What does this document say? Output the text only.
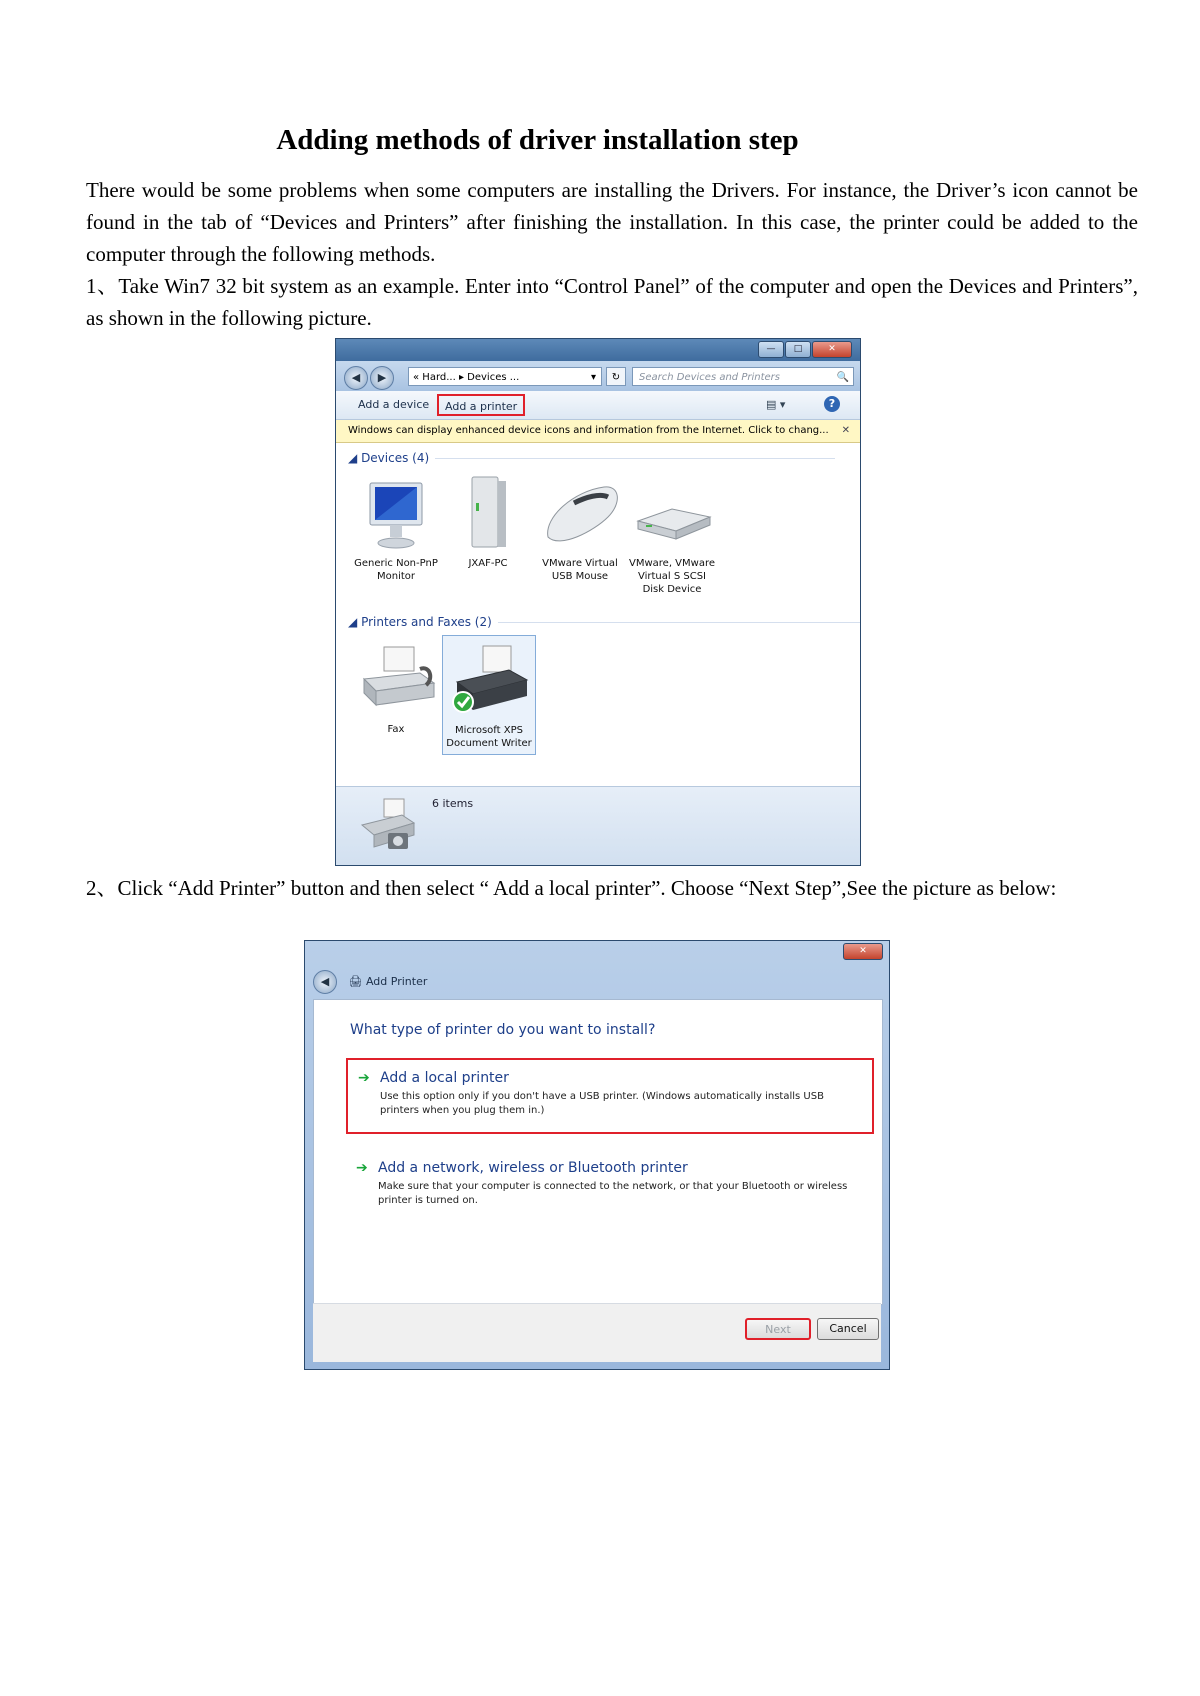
Adding methods of driver installation step
There would be some problems when some computers are installing the Drivers. For instance, the Driver’s icon cannot be found in the tab of “Devices and Printers” after finishing the installation. In this case, the printer could be added to the computer through the following methods.
1、Take Win7 32 bit system as an example. Enter into “Control Panel” of the computer and open the Devices and Printers”, as shown in the following picture.
—	□	✕
◀	▶	« Hard... ▸ Devices ...	▾	↻	Search Devices and Printers	🔍
Add a device	Add a printer	▤ ▾	?
Windows can display enhanced device icons and information from the Internet. Click to chang... ✕
◢ Devices (4)
Generic Non-PnP Monitor
JXAF-PC	VMware Virtual USB Mouse
VMware, VMware Virtual S SCSI Disk Device
◢ Printers and Faxes (2)
Fax	Microsoft XPS Document Writer
6 items
2、Click “Add Printer” button and then select “ Add a local printer”. Choose “Next Step”,See the picture as below:
✕
◀ 🖨 Add Printer
What type of printer do you want to install?
➔ Add a local printer
Use this option only if you don't have a USB printer. (Windows automatically installs USB printers when you plug them in.)
➔ Add a network, wireless or Bluetooth printer
Make sure that your computer is connected to the network, or that your Bluetooth or wireless printer is turned on.
Next	Cancel
